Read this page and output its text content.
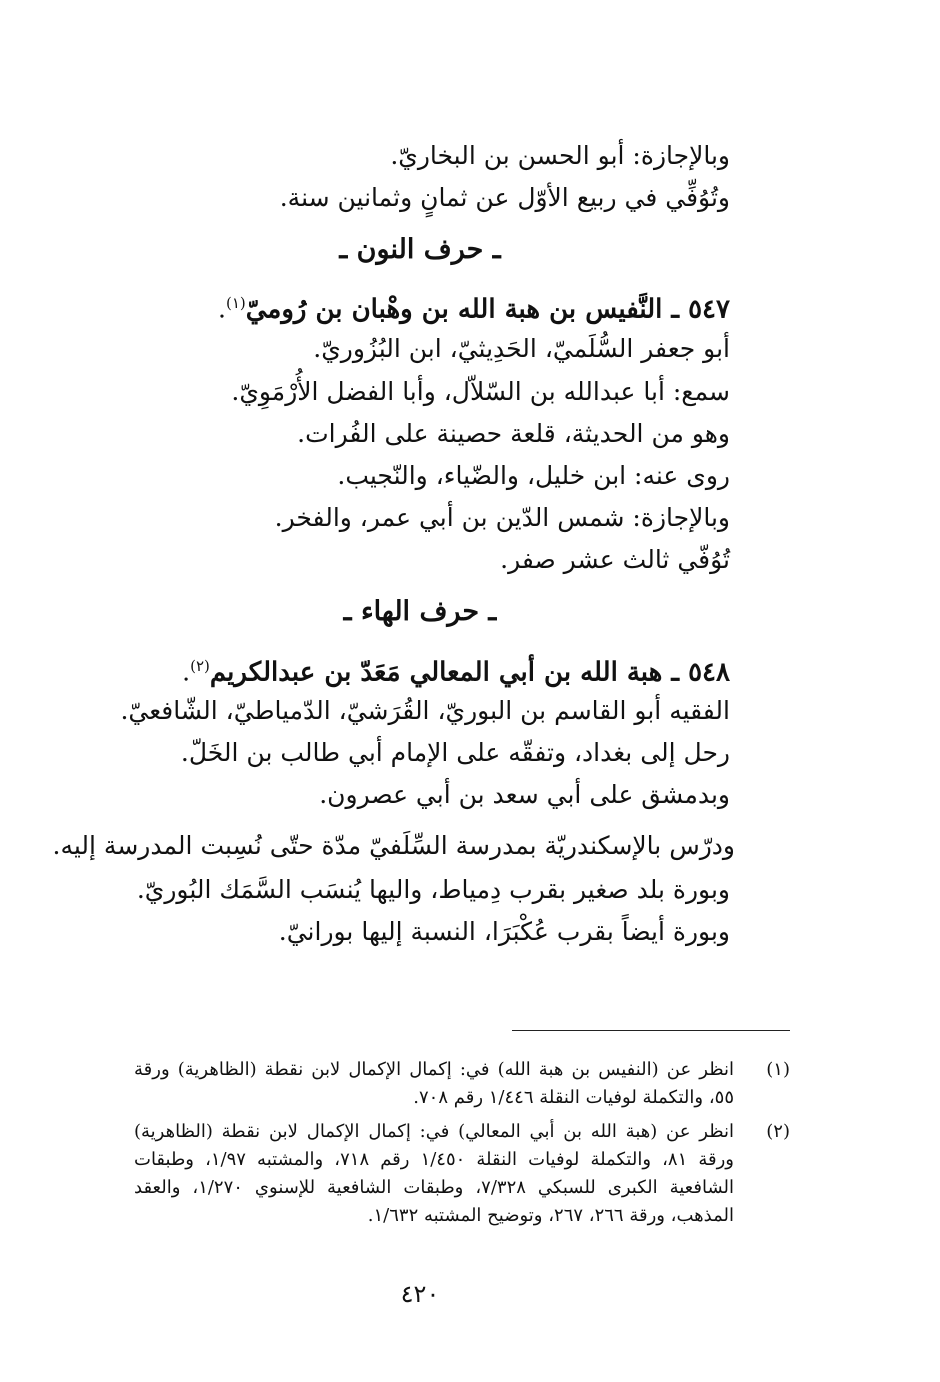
وبالإجازة: أبو الحسن بن البخاريّ.
وتُوُفِّي في ربيع الأوّل عن ثمانٍ وثمانين سنة.
ـ حرف النون ـ
٥٤٧ ـ النَّفيس بن هبة الله بن وهْبان بن رُوميّ$^{(١)}$.
أبو جعفر السُّلَميّ، الحَدِيثيّ، ابن البُزُوريّ.
سمع: أبا عبدالله بن السّلاّل، وأبا الفضل الأُرْمَوِيّ.
وهو من الحديثة، قلعة حصينة على الفُرات.
روى عنه: ابن خليل، والضّياء، والنّجيب.
وبالإجازة: شمس الدّين بن أبي عمر، والفخر.
تُوُفّي ثالث عشر صفر.
ـ حرف الهاء ـ
٥٤٨ ـ هبة الله بن أبي المعالي مَعَدّ بن عبدالكريم$^{(٢)}$.
الفقيه أبو القاسم بن البوريّ، القُرَشيّ، الدّمياطيّ، الشّافعيّ.
رحل إلى بغداد، وتفقّه على الإمام أبي طالب بن الخَلّ.
وبدمشق على أبي سعد بن أبي عصرون.
ودرّس بالإسكندريّة بمدرسة السِّلَفيّ مدّة حتّى نُسِبت المدرسة إليه.
وبورة بلد صغير بقرب دِمياط، واليها يُنسَب السَّمَك البُوريّ.
وبورة أيضاً بقرب عُكْبَرَا، النسبة إليها بورانيّ.
(١)
انظر عن (النفيس بن هبة الله) في: إكمال الإكمال لابن نقطة (الظاهرية) ورقة ٥٥، والتكملة لوفيات النقلة ١/٤٤٦ رقم ٧٠٨.
(٢)
انظر عن (هبة الله بن أبي المعالي) في: إكمال الإكمال لابن نقطة (الظاهرية) ورقة ٨١، والتكملة لوفيات النقلة ١/٤٥٠ رقم ٧١٨، والمشتبه ١/٩٧، وطبقات الشافعية الكبرى للسبكي ٧/٣٢٨، وطبقات الشافعية للإسنوي ١/٢٧٠، والعقد المذهب، ورقة ٢٦٦، ٢٦٧، وتوضيح المشتبه ١/٦٣٢.
٤٢٠
